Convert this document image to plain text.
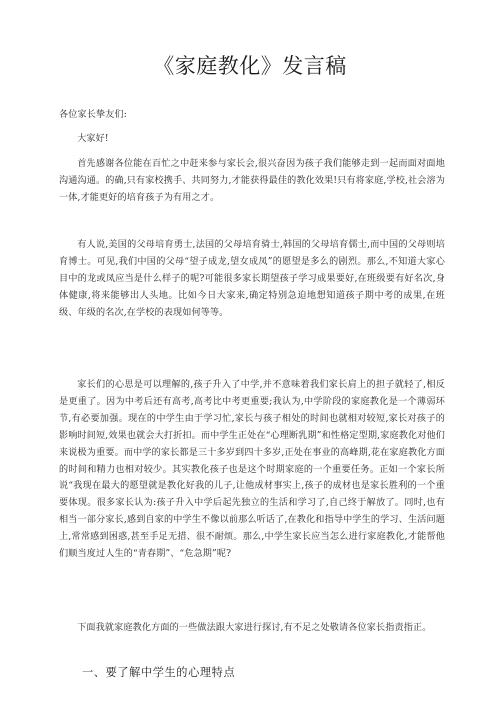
《家庭教化》发言稿

各位家长挚友们:

大家好!

首先感谢各位能在百忙之中赶来参与家长会,很兴奋因为孩子我们能够走到一起而面对面地沟通沟通。的确,只有家校携手、共同努力,才能获得最佳的教化效果!只有将家庭,学校,社会溶为一体,才能更好的培育孩子为有用之才。

有人说,美国的父母培育勇士,法国的父母培育骑士,韩国的父母培育儒士,而中国的父母则培育博士。可见,我们中国的父母“望子成龙,望女成凤”的愿望是多么的剧烈。那么,不知道大家心目中的龙或凤应当是什么样子的呢?可能很多家长期望孩子学习成果要好,在班级要有好名次,身体健康,将来能够出人头地。比如今日大家来,确定特别急迫地想知道孩子期中考的成果,在班级、年级的名次,在学校的表现如何等等。

家长们的心思是可以理解的,孩子升入了中学,并不意味着我们家长肩上的担子就轻了,相反是更重了。因为中考后还有高考,高考比中考更重要;我认为,中学阶段的家庭教化是一个薄弱环节,有必要加强。现在的中学生由于学习忙,家长与孩子相处的时间也就相对较短,家长对孩子的影响时间短,效果也就会大打折扣。而中学生正处在“心理断乳期”和性格定型期,家庭教化对他们来说极为重要。而中学的家长都是三十多岁到四十多岁,正处在事业的高峰期,花在家庭教化方面的时间和精力也相对较少。其实教化孩子也是这个时期家庭的一个重要任务。正如一个家长所说“我现在最大的愿望就是教化好我的儿子,让他成材事实上,孩子的成材也是家长胜利的一个重要体现。很多家长认为:孩子升入中学后起先独立的生活和学习了,自己终于解放了。同时,也有相当一部分家长,感到自家的中学生不像以前那么听话了,在教化和指导中学生的学习、生活问题上,常常感到困惑,甚至手足无措、很不耐烦。那么,中学生家长应当怎么进行家庭教化,才能帮他们顺当度过人生的“青春期”、“危急期”呢?

下面我就家庭教化方面的一些做法跟大家进行探讨,有不足之处敬请各位家长指责指正。

一、要了解中学生的心理特点
